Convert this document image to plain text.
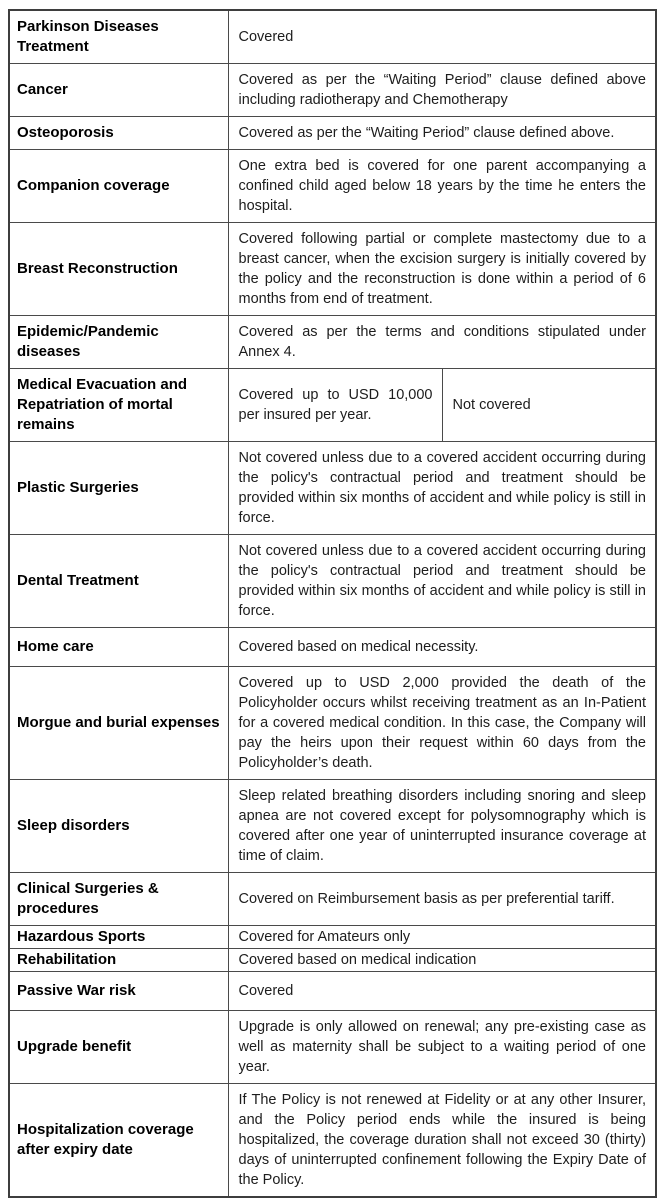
Parkinson Diseases Treatment	Covered	
Cancer	Covered as per the “Waiting Period” clause defined above including radiotherapy and Chemotherapy	
Osteoporosis	Covered as per the “Waiting Period” clause defined above.	
Companion coverage	One extra bed is covered for one parent accompanying a confined child aged below 18 years by the time he enters the hospital.	
Breast Reconstruction	Covered following partial or complete mastectomy due to a breast cancer, when the excision surgery is initially covered by the policy and the reconstruction is done within a period of 6 months from end of treatment.	
Epidemic/Pandemic diseases	Covered as per the terms and conditions stipulated under Annex 4.	
Medical Evacuation and Repatriation of mortal remains	Covered up to USD 10,000 per insured per year.	Not covered
Plastic Surgeries	Not covered unless due to a covered accident occurring during the policy's contractual period and treatment should be provided within six months of accident and while policy is still in force.	
Dental Treatment	Not covered unless due to a covered accident occurring during the policy's contractual period and treatment should be provided within six months of accident and while policy is still in force.	
Home care	Covered based on medical necessity.	
Morgue and burial expenses	Covered up to USD 2,000 provided the death of the Policyholder occurs whilst receiving treatment as an In-Patient for a covered medical condition. In this case, the Company will pay the heirs upon their request within 60 days from the Policyholder’s death.	
Sleep disorders	Sleep related breathing disorders including snoring and sleep apnea are not covered except for polysomnography which is covered after one year of uninterrupted insurance coverage at time of claim.	
Clinical Surgeries & procedures	Covered on Reimbursement basis as per preferential tariff.	
Hazardous Sports	Covered for Amateurs only	
Rehabilitation	Covered based on medical indication	
Passive War risk	Covered	
Upgrade benefit	Upgrade is only allowed on renewal; any pre-existing case as well as maternity shall be subject to a waiting period of one year.	
Hospitalization coverage after expiry date	If The Policy is not renewed at Fidelity or at any other Insurer, and the Policy period ends while the insured is being hospitalized, the coverage duration shall not exceed 30 (thirty) days of uninterrupted confinement following the Expiry Date of the Policy.	
